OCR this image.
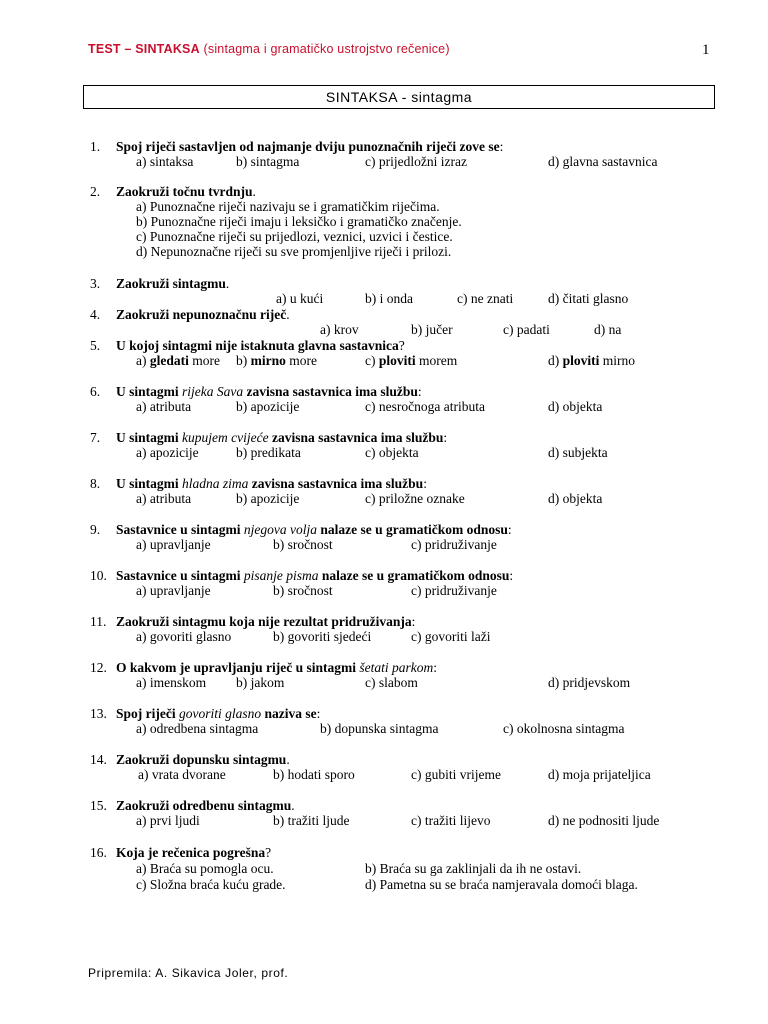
TEST – SINTAKSA (sintagma i gramatičko ustrojstvo rečenice)	1
SINTAKSA - sintagma
1. Spoj riječi sastavljen od najmanje dviju punoznačnih riječi zove se:
a) sintaksa	b) sintagma	c) prijedložni izraz	d) glavna sastavnica
2. Zaokruži točnu tvrdnju.
a) Punoznačne riječi nazivaju se i gramatičkim riječima.
b) Punoznačne riječi imaju i leksičko i gramatičko značenje.
c) Punoznačne riječi su prijedlozi, veznici, uzvici i čestice.
d) Nepunoznačne riječi su sve promjenljive riječi i prilozi.
3. Zaokruži sintagmu.
a) u kući	b) i onda	c) ne znati	d) čitati glasno
4. Zaokruži nepunoznačnu riječ.
a) krov	b) jučer	c) padati	d) na
5. U kojoj sintagmi nije istaknuta glavna sastavnica?
a) gledati more b) mirno more	c) ploviti morem	d) ploviti mirno
6. U sintagmi rijeka Sava zavisna sastavnica ima službu:
a) atributa	b) apozicije	c) nesročnoga atributa	d) objekta
7. U sintagmi kupujem cvijeće zavisna sastavnica ima službu:
a) apozicije	b) predikata	c) objekta	d) subjekta
8. U sintagmi hladna zima zavisna sastavnica ima službu:
a) atributa	b) apozicije	c) priložne oznake	d) objekta
9. Sastavnice u sintagmi njegova volja nalaze se u gramatičkom odnosu:
a) upravljanje	b) sročnost	c) pridruživanje
10. Sastavnice u sintagmi pisanje pisma nalaze se u gramatičkom odnosu:
a) upravljanje	b) sročnost	c) pridruživanje
11. Zaokruži sintagmu koja nije rezultat pridruživanja:
a) govoriti glasno	b) govoriti sjedeći	c) govoriti laži
12. O kakvom je upravljanju riječ u sintagmi šetati parkom:
a) imenskom b) jakom	c) slabom	d) pridjevskom
13. Spoj riječi govoriti glasno naziva se:
a) odredbena sintagma	b) dopunska sintagma	c) okolnosna sintagma
14. Zaokruži dopunsku sintagmu.
a) vrata dvorane	b) hodati sporo	c) gubiti vrijeme	d) moja prijateljica
15. Zaokruži odredbenu sintagmu.
a) prvi ljudi	b) tražiti ljude	c) tražiti lijevo	d) ne podnositi ljude
16. Koja je rečenica pogrešna?
a) Braća su pomogla ocu.	b) Braća su ga zaklinjali da ih ne ostavi.
c) Složna braća kuću grade.	d) Pametna su se braća namjeravala domoći blaga.
Pripremila: A. Sikavica Joler, prof.
